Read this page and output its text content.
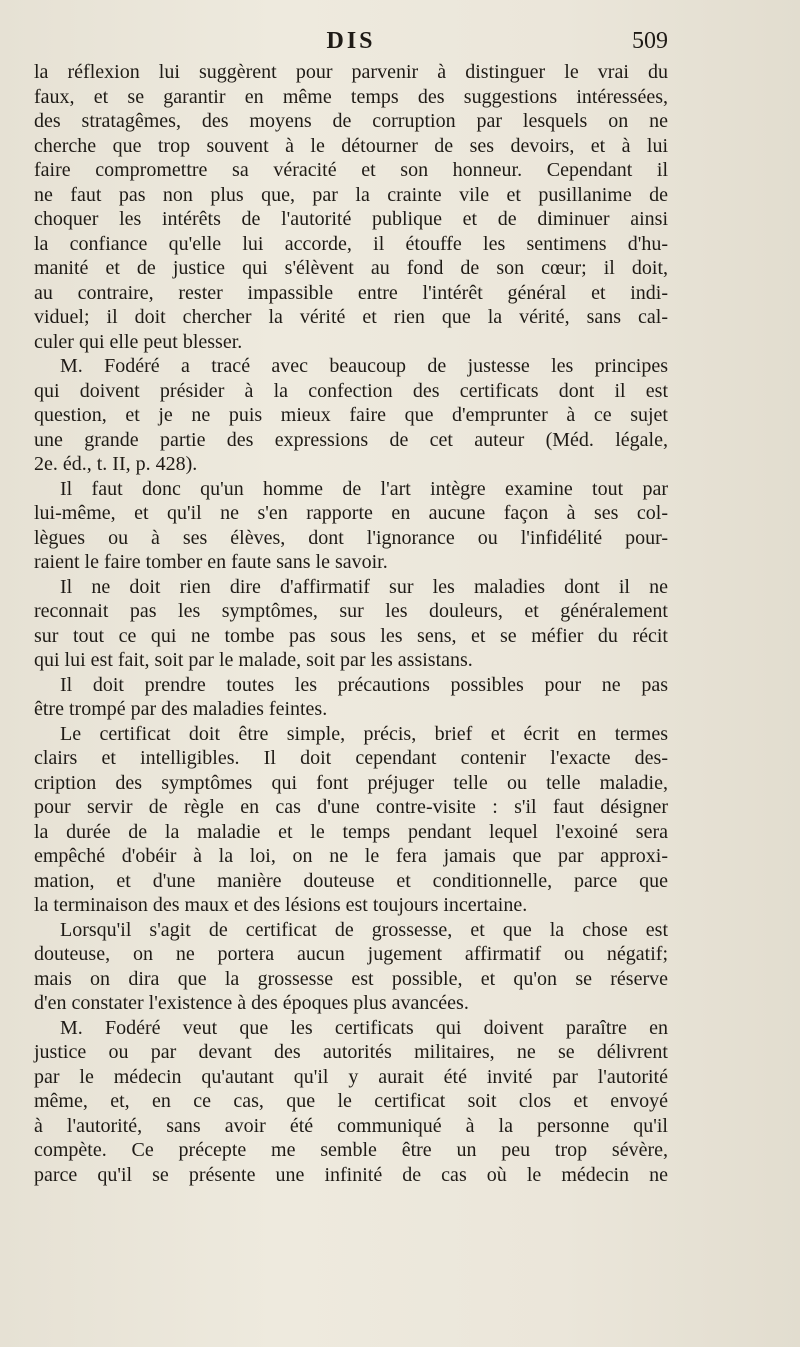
DIS	509

la réflexion lui suggèrent pour parvenir à distinguer le vrai du
faux, et se garantir en même temps des suggestions intéressées,
des stratagêmes, des moyens de corruption par lesquels on ne
cherche que trop souvent à le détourner de ses devoirs, et à lui
faire compromettre sa véracité et son honneur. Cependant il
ne faut pas non plus que, par la crainte vile et pusillanime de
choquer les intérêts de l'autorité publique et de diminuer ainsi
la confiance qu'elle lui accorde, il étouffe les sentimens d'hu-
manité et de justice qui s'élèvent au fond de son cœur; il doit,
au contraire, rester impassible entre l'intérêt général et indi-
viduel; il doit chercher la vérité et rien que la vérité, sans cal-
culer qui elle peut blesser.
M. Fodéré a tracé avec beaucoup de justesse les principes
qui doivent présider à la confection des certificats dont il est
question, et je ne puis mieux faire que d'emprunter à ce sujet
une grande partie des expressions de cet auteur (Méd. légale,
2e. éd., t. II, p. 428).
Il faut donc qu'un homme de l'art intègre examine tout par
lui-même, et qu'il ne s'en rapporte en aucune façon à ses col-
lègues ou à ses élèves, dont l'ignorance ou l'infidélité pour-
raient le faire tomber en faute sans le savoir.
Il ne doit rien dire d'affirmatif sur les maladies dont il ne
reconnait pas les symptômes, sur les douleurs, et généralement
sur tout ce qui ne tombe pas sous les sens, et se méfier du récit
qui lui est fait, soit par le malade, soit par les assistans.
Il doit prendre toutes les précautions possibles pour ne pas
être trompé par des maladies feintes.
Le certificat doit être simple, précis, brief et écrit en termes
clairs et intelligibles. Il doit cependant contenir l'exacte des-
cription des symptômes qui font préjuger telle ou telle maladie,
pour servir de règle en cas d'une contre-visite : s'il faut désigner
la durée de la maladie et le temps pendant lequel l'exoiné sera
empêché d'obéir à la loi, on ne le fera jamais que par approxi-
mation, et d'une manière douteuse et conditionnelle, parce que
la terminaison des maux et des lésions est toujours incertaine.
Lorsqu'il s'agit de certificat de grossesse, et que la chose est
douteuse, on ne portera aucun jugement affirmatif ou négatif;
mais on dira que la grossesse est possible, et qu'on se réserve
d'en constater l'existence à des époques plus avancées.
M. Fodéré veut que les certificats qui doivent paraître en
justice ou par devant des autorités militaires, ne se délivrent
par le médecin qu'autant qu'il y aurait été invité par l'autorité
même, et, en ce cas, que le certificat soit clos et envoyé
à l'autorité, sans avoir été communiqué à la personne qu'il
compète. Ce précepte me semble être un peu trop sévère,
parce qu'il se présente une infinité de cas où le médecin ne
